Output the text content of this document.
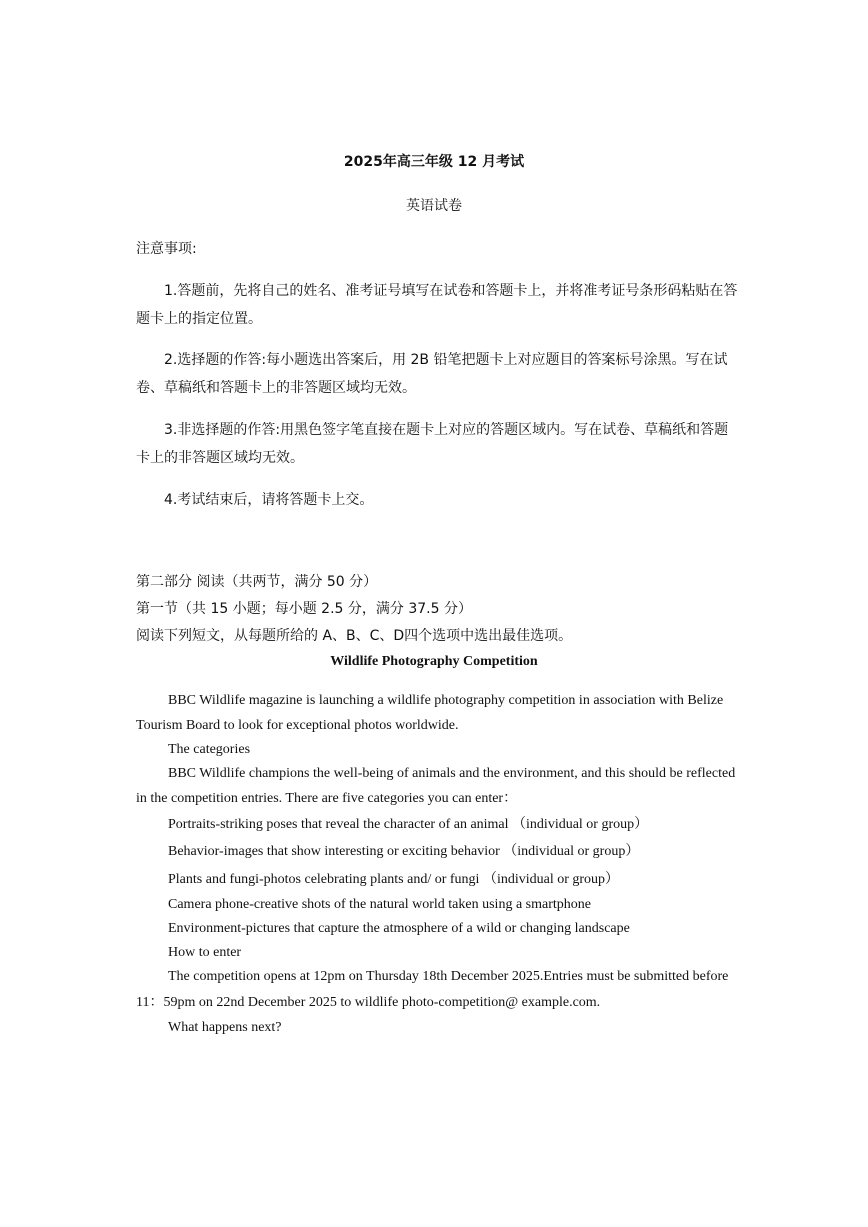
2025年高三年级 12 月考试
英语试卷
注意事项:
1.答题前，先将自己的姓名、准考证号填写在试卷和答题卡上，并将准考证号条形码粘贴在答
题卡上的指定位置。
2.选择题的作答:每小题选出答案后，用 2B 铅笔把题卡上对应题目的答案标号涂黑。写在试
卷、草稿纸和答题卡上的非答题区域均无效。
3.非选择题的作答:用黑色签字笔直接在题卡上对应的答题区域内。写在试卷、草稿纸和答题
卡上的非答题区域均无效。
4.考试结束后，请将答题卡上交。
第二部分 阅读（共两节，满分 50 分）
第一节（共 15 小题；每小题 2.5 分，满分 37.5 分）
阅读下列短文，从每题所给的 A、B、C、D四个选项中选出最佳选项。
Wildlife Photography Competition
BBC Wildlife magazine is launching a wildlife photography competition in association with Belize
Tourism Board to look for exceptional photos worldwide.
The categories
BBC Wildlife champions the well-being of animals and the environment, and this should be reflected
in the competition entries. There are five categories you can enter：
Portraits-striking poses that reveal the character of an animal （individual or group）
Behavior-images that show interesting or exciting behavior （individual or group）
Plants and fungi-photos celebrating plants and/ or fungi （individual or group）
Camera phone-creative shots of the natural world taken using a smartphone
Environment-pictures that capture the atmosphere of a wild or changing landscape
How to enter
The competition opens at 12pm on Thursday 18th December 2025.Entries must be submitted before
11：59pm on 22nd December 2025 to wildlife photo-competition@ example.com.
What happens next?
